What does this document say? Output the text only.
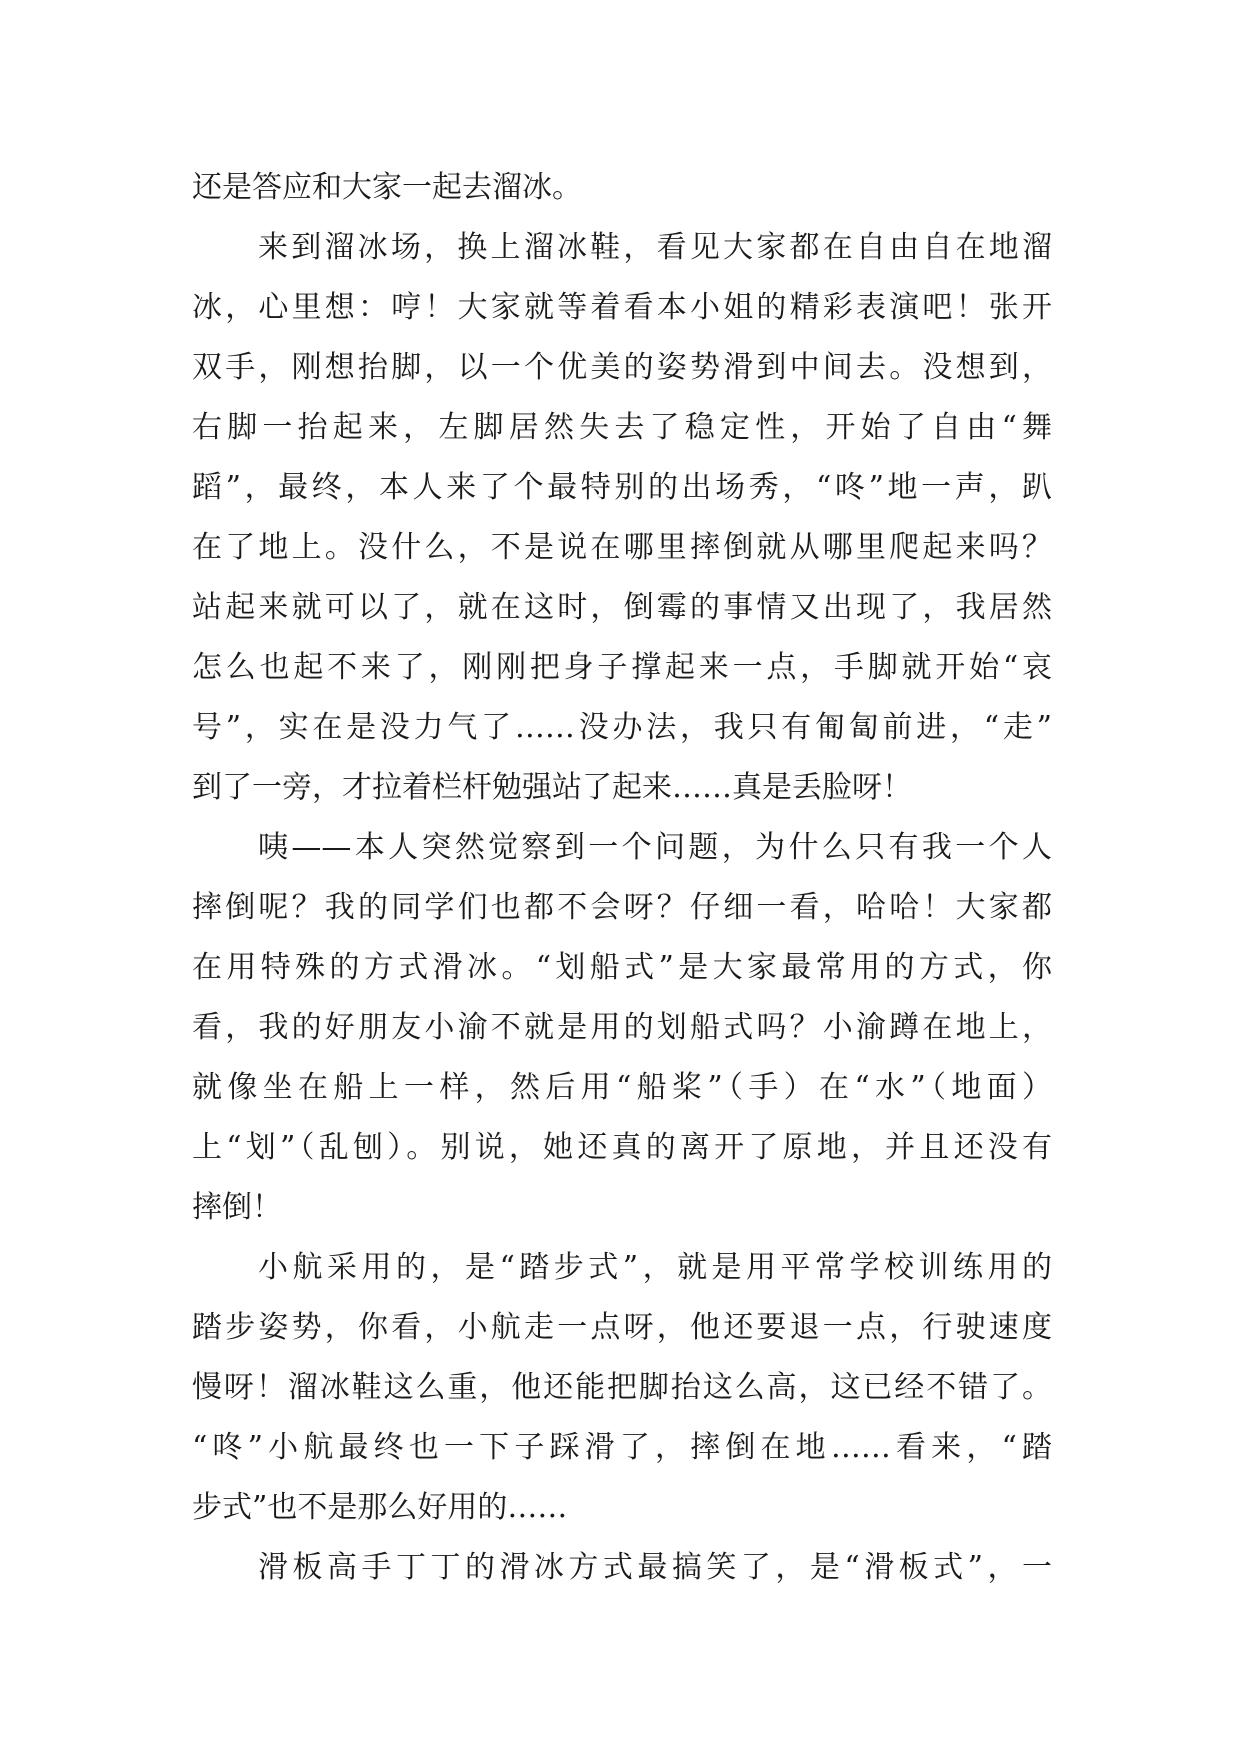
还是答应和大家一起去溜冰。
来到溜冰场，换上溜冰鞋，看见大家都在自由自在地溜
冰，心里想：哼！大家就等着看本小姐的精彩表演吧！张开
双手，刚想抬脚，以一个优美的姿势滑到中间去。没想到，
右脚一抬起来，左脚居然失去了稳定性，开始了自由“舞
蹈”，最终，本人来了个最特别的出场秀，“咚”地一声，趴
在了地上。没什么，不是说在哪里摔倒就从哪里爬起来吗？
站起来就可以了，就在这时，倒霉的事情又出现了，我居然
怎么也起不来了，刚刚把身子撑起来一点，手脚就开始“哀
号”，实在是没力气了……没办法，我只有匍匐前进，“走”
到了一旁，才拉着栏杆勉强站了起来……真是丢脸呀！
咦——本人突然觉察到一个问题，为什么只有我一个人
摔倒呢？我的同学们也都不会呀？仔细一看，哈哈！大家都
在用特殊的方式滑冰。“划船式”是大家最常用的方式，你
看，我的好朋友小渝不就是用的划船式吗？小渝蹲在地上，
就像坐在船上一样，然后用“船桨”（手）在“水”（地面）
上“划”（乱刨）。别说，她还真的离开了原地，并且还没有
摔倒！
小航采用的，是“踏步式”，就是用平常学校训练用的
踏步姿势，你看，小航走一点呀，他还要退一点，行驶速度
慢呀！溜冰鞋这么重，他还能把脚抬这么高，这已经不错了。
“咚”小航最终也一下子踩滑了，摔倒在地……看来，“踏
步式”也不是那么好用的……
滑板高手丁丁的滑冰方式最搞笑了，是“滑板式”，一
